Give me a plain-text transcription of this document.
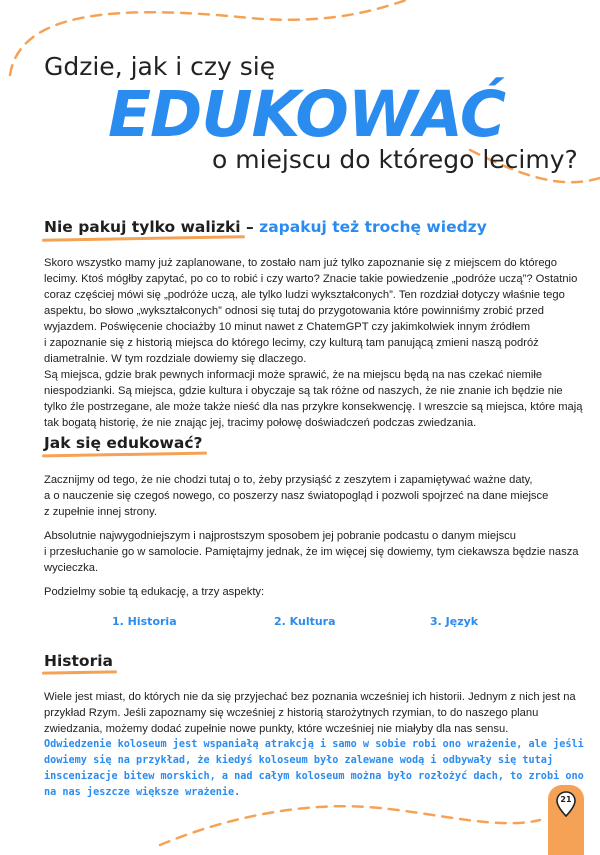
Gdzie, jak i czy się
EDUKOWAĆ
o miejscu do którego lecimy?
Nie pakuj tylko walizki – zapakuj też trochę wiedzy
Skoro wszystko mamy już zaplanowane, to zostało nam już tylko zapoznanie się z miejscem do którego
lecimy. Ktoś mógłby zapytać, po co to robić i czy warto? Znacie takie powiedzenie „podróże uczą”? Ostatnio
coraz częściej mówi się „podróże uczą, ale tylko ludzi wykształconych”. Ten rozdział dotyczy właśnie tego
aspektu, bo słowo „wykształconych” odnosi się tutaj do przygotowania które powinniśmy zrobić przed
wyjazdem. Poświęcenie chociażby 10 minut nawet z ChatemGPT czy jakimkolwiek innym źródłem
i zapoznanie się z historią miejsca do którego lecimy, czy kulturą tam panującą zmieni naszą podróż
diametralnie. W tym rozdziale dowiemy się dlaczego.
Są miejsca, gdzie brak pewnych informacji może sprawić, że na miejscu będą na nas czekać niemiłe
niespodzianki. Są miejsca, gdzie kultura i obyczaje są tak różne od naszych, że nie znanie ich będzie nie
tylko źle postrzegane, ale może także nieść dla nas przykre konsekwencję. I wreszcie są miejsca, które mają
tak bogatą historię, że nie znając jej, tracimy połowę doświadczeń podczas zwiedzania.
Jak się edukować?
Zacznijmy od tego, że nie chodzi tutaj o to, żeby przysiąść z zeszytem i zapamiętywać ważne daty,
a o nauczenie się czegoś nowego, co poszerzy nasz światopogląd i pozwoli spojrzeć na dane miejsce
z zupełnie innej strony.
Absolutnie najwygodniejszym i najprostszym sposobem jej pobranie podcastu o danym miejscu
i przesłuchanie go w samolocie. Pamiętajmy jednak, że im więcej się dowiemy, tym ciekawsza będzie nasza
wycieczka.
Podzielmy sobie tą edukację, a trzy aspekty:
1. Historia	2. Kultura	3. Język
Historia
Wiele jest miast, do których nie da się przyjechać bez poznania wcześniej ich historii. Jednym z nich jest na
przykład Rzym. Jeśli zapoznamy się wcześniej z historią starożytnych rzymian, to do naszego planu
zwiedzania, możemy dodać zupełnie nowe punkty, które wcześniej nie miałyby dla nas sensu.
Odwiedzenie koloseum jest wspaniałą atrakcją i samo w sobie robi ono wrażenie, ale jeśli
dowiemy się na przykład, że kiedyś koloseum było zalewane wodą i odbywały się tutaj
inscenizacje bitew morskich, a nad całym koloseum można było rozłożyć dach, to zrobi ono
na nas jeszcze większe wrażenie.
21
